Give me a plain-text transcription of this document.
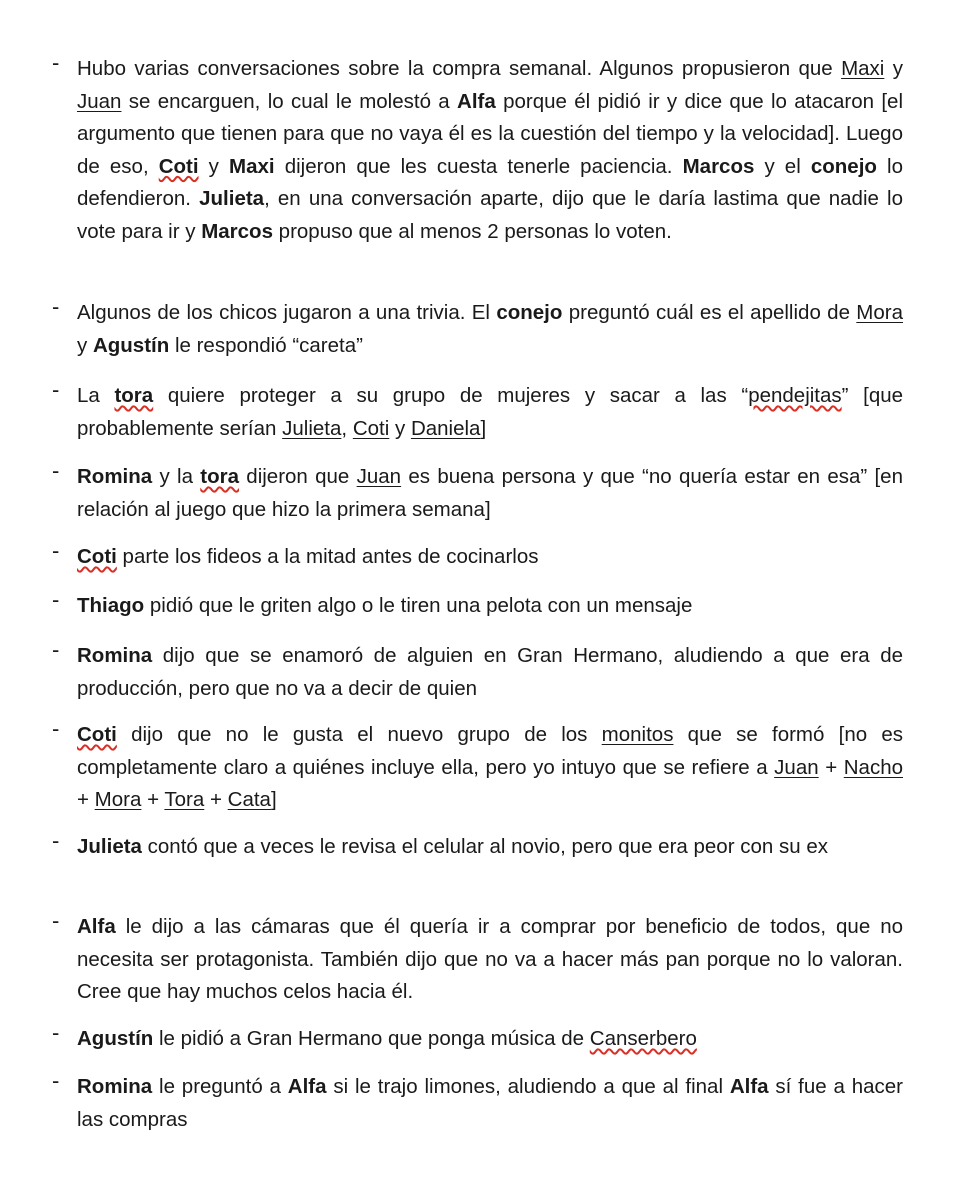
- Hubo varias conversaciones sobre la compra semanal. Algunos propusieron que Maxi y Juan se encarguen, lo cual le molestó a Alfa porque él pidió ir y dice que lo atacaron [el argumento que tienen para que no vaya él es la cuestión del tiempo y la velocidad]. Luego de eso, Coti y Maxi dijeron que les cuesta tenerle paciencia. Marcos y el conejo lo defendieron. Julieta, en una conversación aparte, dijo que le daría lastima que nadie lo vote para ir y Marcos propuso que al menos 2 personas lo voten.
- Algunos de los chicos jugaron a una trivia. El conejo preguntó cuál es el apellido de Mora y Agustín le respondió “careta”
- La tora quiere proteger a su grupo de mujeres y sacar a las “pendejitas” [que probablemente serían Julieta, Coti y Daniela]
- Romina y la tora dijeron que Juan es buena persona y que “no quería estar en esa” [en relación al juego que hizo la primera semana]
- Coti parte los fideos a la mitad antes de cocinarlos
- Thiago pidió que le griten algo o le tiren una pelota con un mensaje
- Romina dijo que se enamoró de alguien en Gran Hermano, aludiendo a que era de producción, pero que no va a decir de quien
- Coti dijo que no le gusta el nuevo grupo de los monitos que se formó [no es completamente claro a quiénes incluye ella, pero yo intuyo que se refiere a Juan + Nacho + Mora + Tora + Cata]
- Julieta contó que a veces le revisa el celular al novio, pero que era peor con su ex
- Alfa le dijo a las cámaras que él quería ir a comprar por beneficio de todos, que no necesita ser protagonista. También dijo que no va a hacer más pan porque no lo valoran. Cree que hay muchos celos hacia él.
- Agustín le pidió a Gran Hermano que ponga música de Canserbero
- Romina le preguntó a Alfa si le trajo limones, aludiendo a que al final Alfa sí fue a hacer las compras
